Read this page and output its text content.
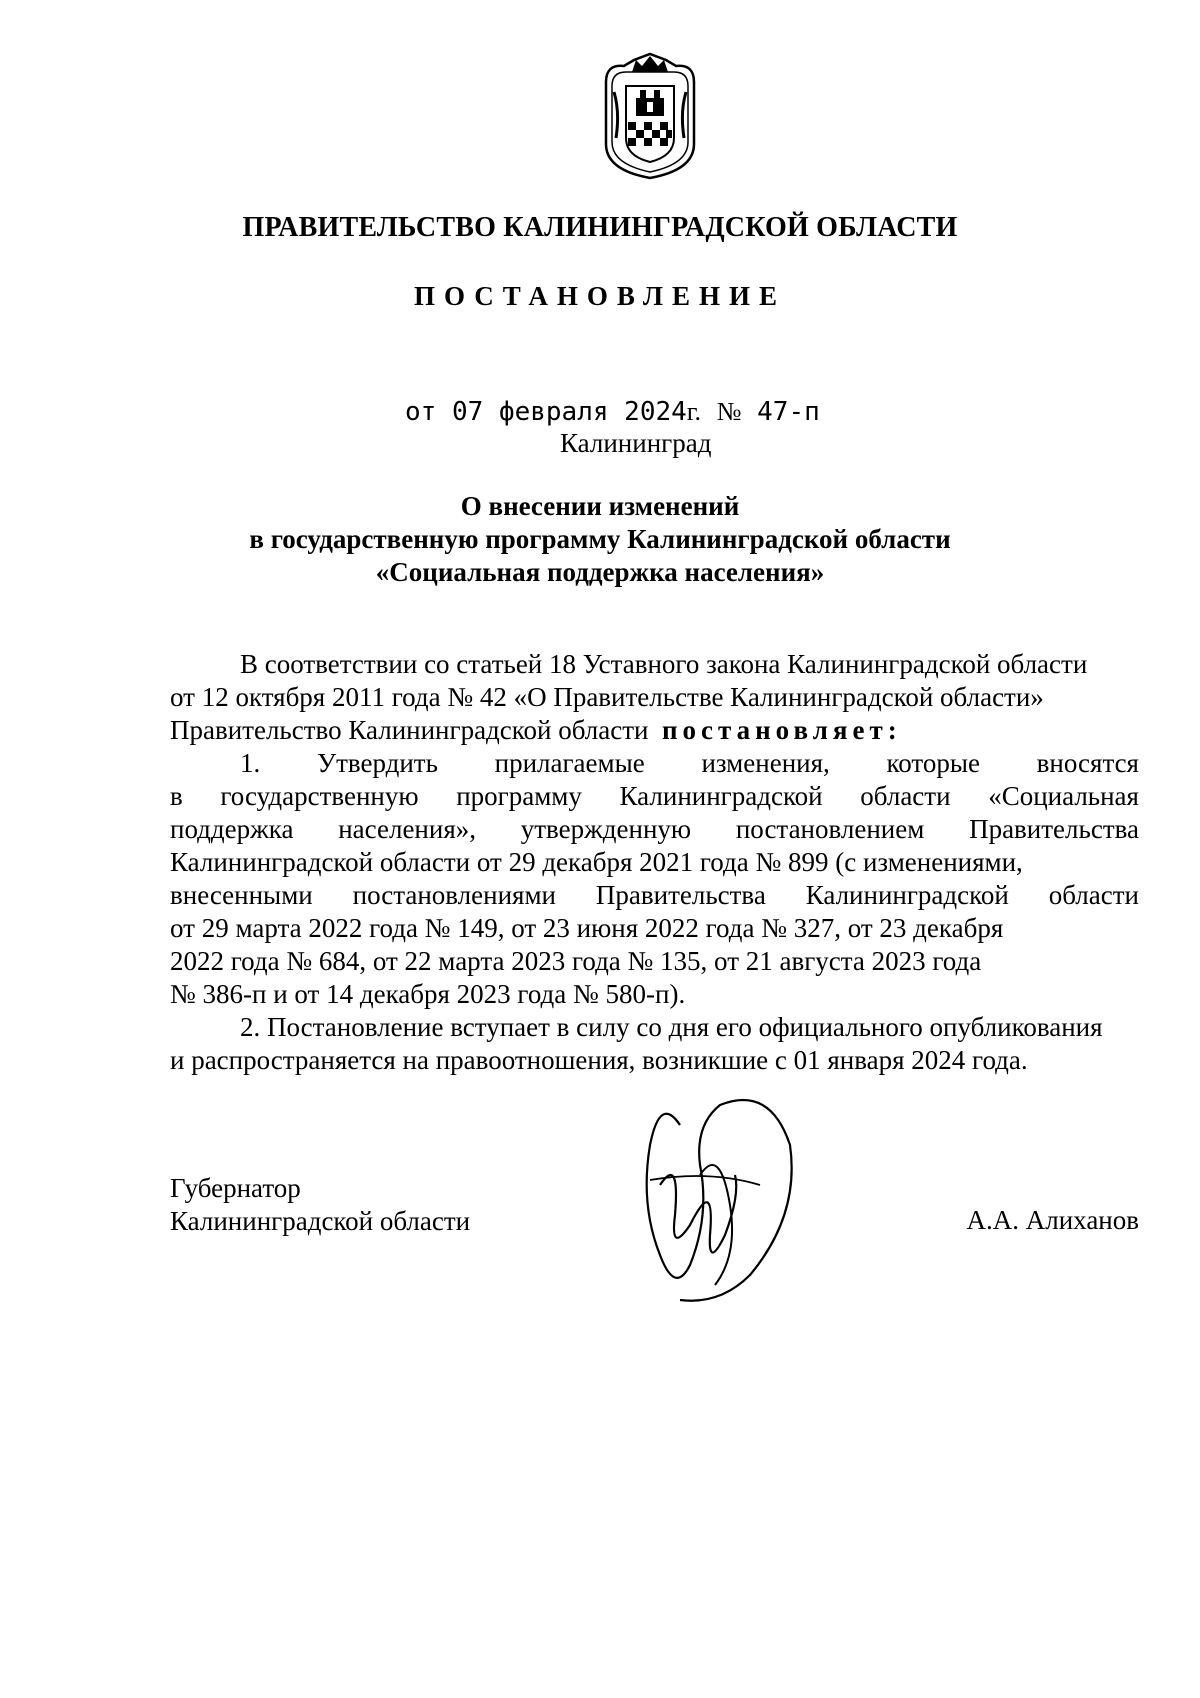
ПРАВИТЕЛЬСТВО КАЛИНИНГРАДСКОЙ ОБЛАСТИ
ПОСТАНОВЛЕНИЕ
от 07 февраля 2024г. № 47-п
Калининград
О внесении изменений
в государственную программу Калининградской области
«Социальная поддержка населения»
В соответствии со статьей 18 Уставного закона Калининградской области
от 12 октября 2011 года № 42 «О Правительстве Калининградской области»
Правительство Калининградской области
постановляет:
1. Утвердить прилагаемые изменения, которые вносятся
в государственную программу Калининградской области «Социальная
поддержка населения», утвержденную постановлением Правительства
Калининградской области от 29 декабря 2021 года № 899 (с изменениями,
внесенными постановлениями Правительства Калининградской области
от 29 марта 2022 года № 149, от 23 июня 2022 года № 327, от 23 декабря
2022 года № 684, от 22 марта 2023 года № 135, от 21 августа 2023 года
№ 386-п и от 14 декабря 2023 года № 580-п).
2. Постановление вступает в силу со дня его официального опубликования
и распространяется на правоотношения, возникшие с 01 января 2024 года.
Губернатор
Калининградской области	А.А. Алиханов
